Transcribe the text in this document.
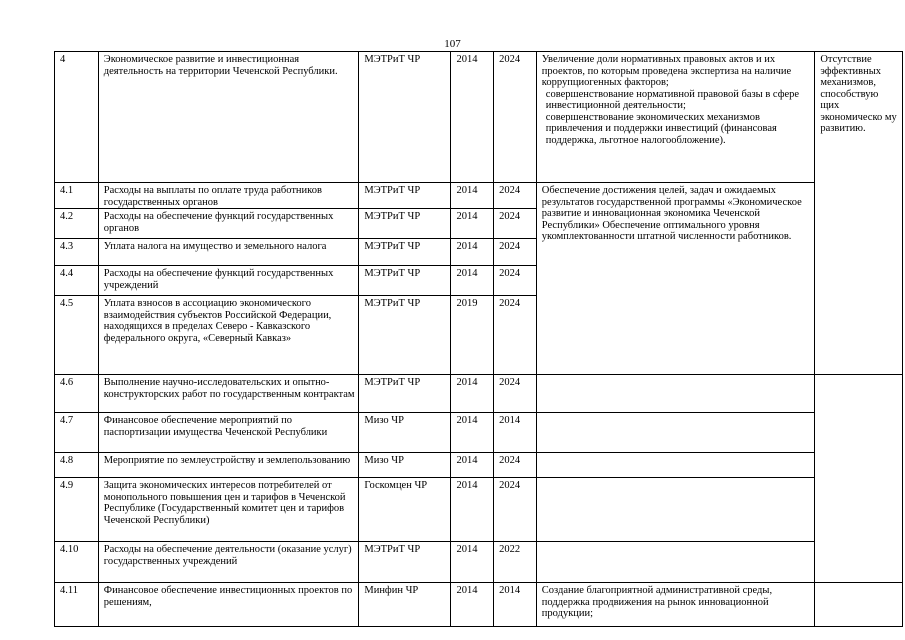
107
4	Экономическое развитие и инвестиционная деятельность на территории Чеченской Республики.	МЭТРиТ ЧР	2014	2024	Увеличение доли нормативных правовых актов и их проектов, по которым проведена экспертиза на наличие коррупциогенных факторов;
совершенствование нормативной правовой базы в сфере инвестиционной деятельности;
совершенствование экономических механизмов привлечения и поддержки инвестиций (финансовая поддержка, льготное налогообложение).	Отсутствие эффективных механизмов, способствую щих экономическо му развитию.
4.1	Расходы на выплаты по оплате труда работников государственных органов	МЭТРиТ ЧР	2014	2024	Обеспечение достижения целей, задач и ожидаемых результатов государственной программы «Экономическое развитие и инновационная экономика Чеченской Республики» Обеспечение оптимального уровня укомплектованности штатной численности работников.	
4.2	Расходы на обеспечение функций государственных органов	МЭТРиТ ЧР	2014	2024		
4.3	Уплата налога на имущество и земельного налога	МЭТРиТ ЧР	2014	2024		
4.4	Расходы на обеспечение функций государственных учреждений	МЭТРиТ ЧР	2014	2024		
4.5	Уплата взносов в ассоциацию экономического взаимодействия субъектов Российской Федерации, находящихся в пределах Северо - Кавказского федерального округа, «Северный Кавказ»	МЭТРиТ ЧР	2019	2024		
4.6	Выполнение научно-исследовательских и опытно-конструкторских работ по государственным контрактам	МЭТРиТ ЧР	2014	2024		
4.7	Финансовое обеспечение мероприятий по паспортизации имущества Чеченской Республики	Мизо ЧР	2014	2014		
4.8	Мероприятие по землеустройству и землепользованию	Мизо ЧР	2014	2024		
4.9	Защита экономических интересов потребителей от монопольного повышения цен и тарифов в Чеченской Республике (Государственный комитет цен и тарифов Чеченской Республики)	Госкомцен ЧР	2014	2024		
4.10	Расходы на обеспечение деятельности (оказание услуг) государственных учреждений	МЭТРиТ ЧР	2014	2022		
4.11	Финансовое обеспечение инвестиционных проектов по решениям,	Минфин ЧР	2014	2014	Создание благоприятной административной среды, поддержка продвижения на рынок инновационной продукции;	
